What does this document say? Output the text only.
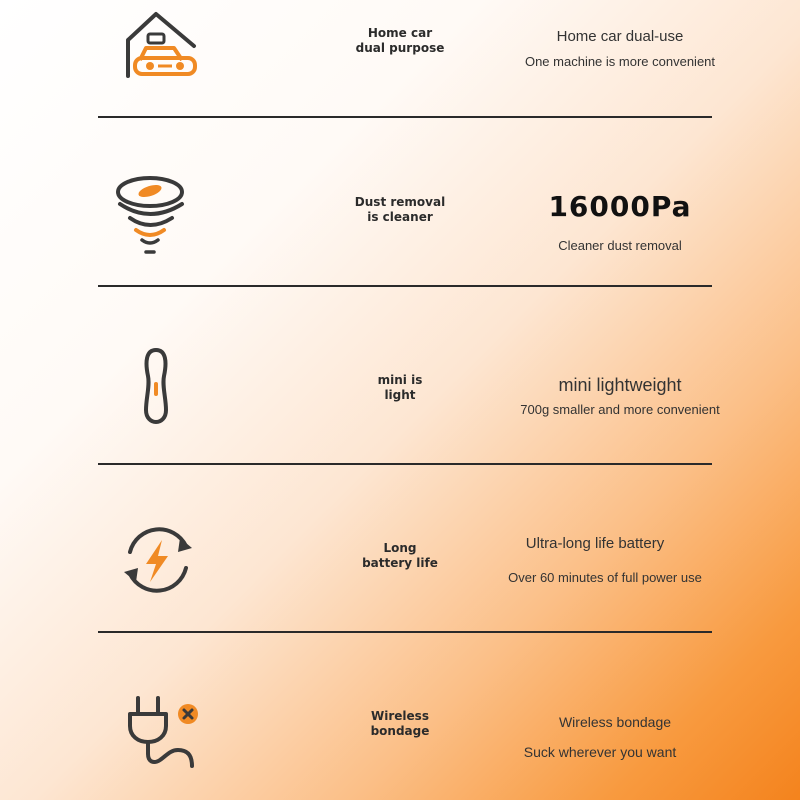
Home car
dual purpose
Home car dual-use
One machine is more convenient
Dust removal
is cleaner	16000Pa
Cleaner dust removal
mini is
light	mini lightweight
700g smaller and more convenient
Long
battery life
Ultra-long life battery
Over 60 minutes of full power use
Wireless
bondage
Wireless bondage
Suck wherever you want
